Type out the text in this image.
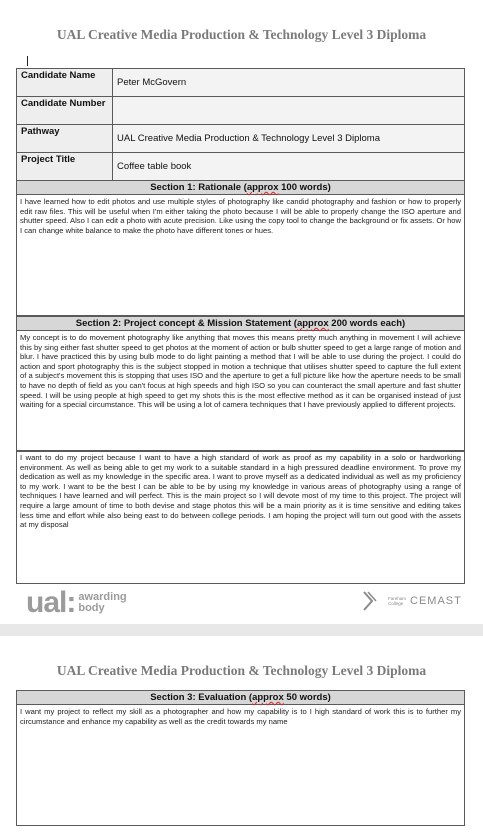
UAL Creative Media Production & Technology Level 3 Diploma
Candidate Name	Peter McGovern
Candidate Number	
Pathway	UAL Creative Media Production & Technology Level 3 Diploma
Project Title	Coffee table book
Section 1: Rationale (approx 100 words)
I have learned how to edit photos and use multiple styles of photography like candid photography and fashion or how to properly edit raw files. This will be useful when I'm either taking the photo because I will be able to properly change the ISO aperture and shutter speed. Also I can edit a photo with acute precision. Like using the copy tool to change the background or fix assets. Or how I can change white balance to make the photo have different tones or hues.
Section 2: Project concept & Mission Statement (approx 200 words each)
My concept is to do movement photography like anything that moves this means pretty much anything in movement I will achieve this by sing either fast shutter speed to get photos at the moment of action or bulb shutter speed to get a large range of motion and blur. I have practiced this by using bulb mode to do light painting a method that I will be able to use during the project. I could do action and sport photography this is the subject stopped in motion a technique that utilises shutter speed to capture the full extent of a subject's movement this is stopping that uses ISO and the aperture to get a full picture like how the aperture needs to be small to have no depth of field as you can't focus at high speeds and high ISO so you can counteract the small aperture and fast shutter speed. I will be using people at high speed to get my shots this is the most effective method as it can be organised instead of just waiting for a special circumstance. This will be using a lot of camera techniques that I have previously applied to different projects.
I want to do my project because I want to have a high standard of work as proof as my capability in a solo or hardworking environment. As well as being able to get my work to a suitable standard in a high pressured deadline environment. To prove my dedication as well as my knowledge in the specific area. I want to prove myself as a dedicated individual as well as my proficiency to my work. I want to be the best I can be able to be by using my knowledge in various areas of photography using a range of techniques I have learned and will perfect. This is the main project so I will devote most of my time to this project. The project will require a large amount of time to both devise and stage photos this will be a main priority as it is time sensitive and editing takes less time and effort while also being east to do between college periods. I am hoping the project will turn out good with the assets at my disposal
ual: awarding
body
Fareham
College CEMAST
UAL Creative Media Production & Technology Level 3 Diploma
Section 3: Evaluation (approx 50 words)
I want my project to reflect my skill as a photographer and how my capability is to I high standard of work this is to further my circumstance and enhance my capability as well as the credit towards my name
